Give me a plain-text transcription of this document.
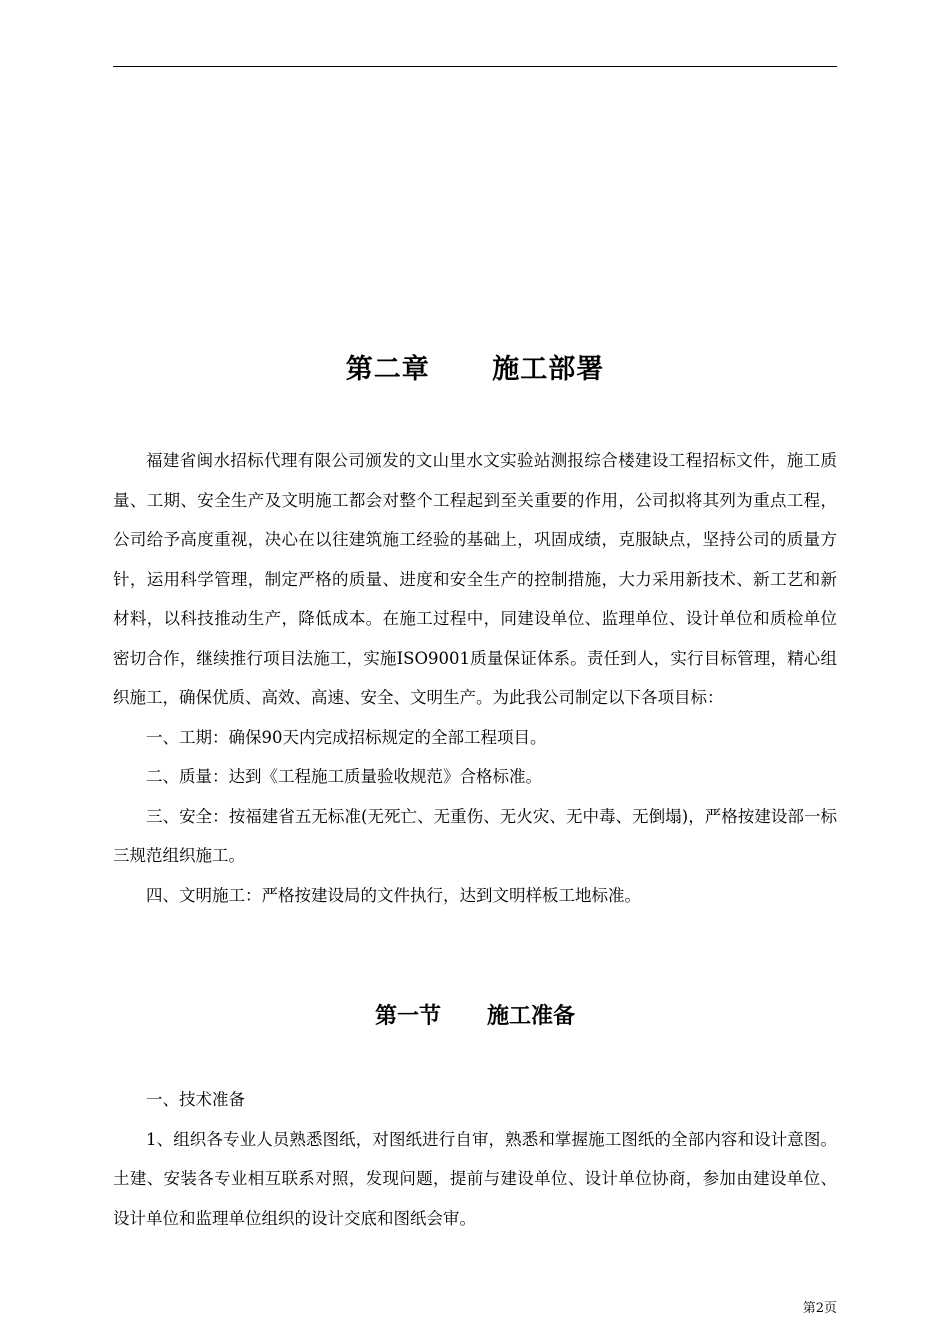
第二章      施工部署

福建省闽水招标代理有限公司颁发的文山里水文实验站测报综合楼建设工程招标文件，施工质量、工期、安全生产及文明施工都会对整个工程起到至关重要的作用，公司拟将其列为重点工程，公司给予高度重视，决心在以往建筑施工经验的基础上，巩固成绩，克服缺点，坚持公司的质量方针，运用科学管理，制定严格的质量、进度和安全生产的控制措施，大力采用新技术、新工艺和新材料，以科技推动生产，降低成本。在施工过程中，同建设单位、监理单位、设计单位和质检单位密切合作，继续推行项目法施工，实施ISO9001质量保证体系。责任到人，实行目标管理，精心组织施工，确保优质、高效、高速、安全、文明生产。为此我公司制定以下各项目标：

一、工期：确保90天内完成招标规定的全部工程项目。

二、质量：达到《工程施工质量验收规范》合格标准。

三、安全：按福建省五无标准(无死亡、无重伤、无火灾、无中毒、无倒塌)，严格按建设部一标三规范组织施工。

四、文明施工：严格按建设局的文件执行，达到文明样板工地标准。

第一节      施工准备

一、技术准备

1、组织各专业人员熟悉图纸，对图纸进行自审，熟悉和掌握施工图纸的全部内容和设计意图。土建、安装各专业相互联系对照，发现问题，提前与建设单位、设计单位协商，参加由建设单位、设计单位和监理单位组织的设计交底和图纸会审。

第2页
